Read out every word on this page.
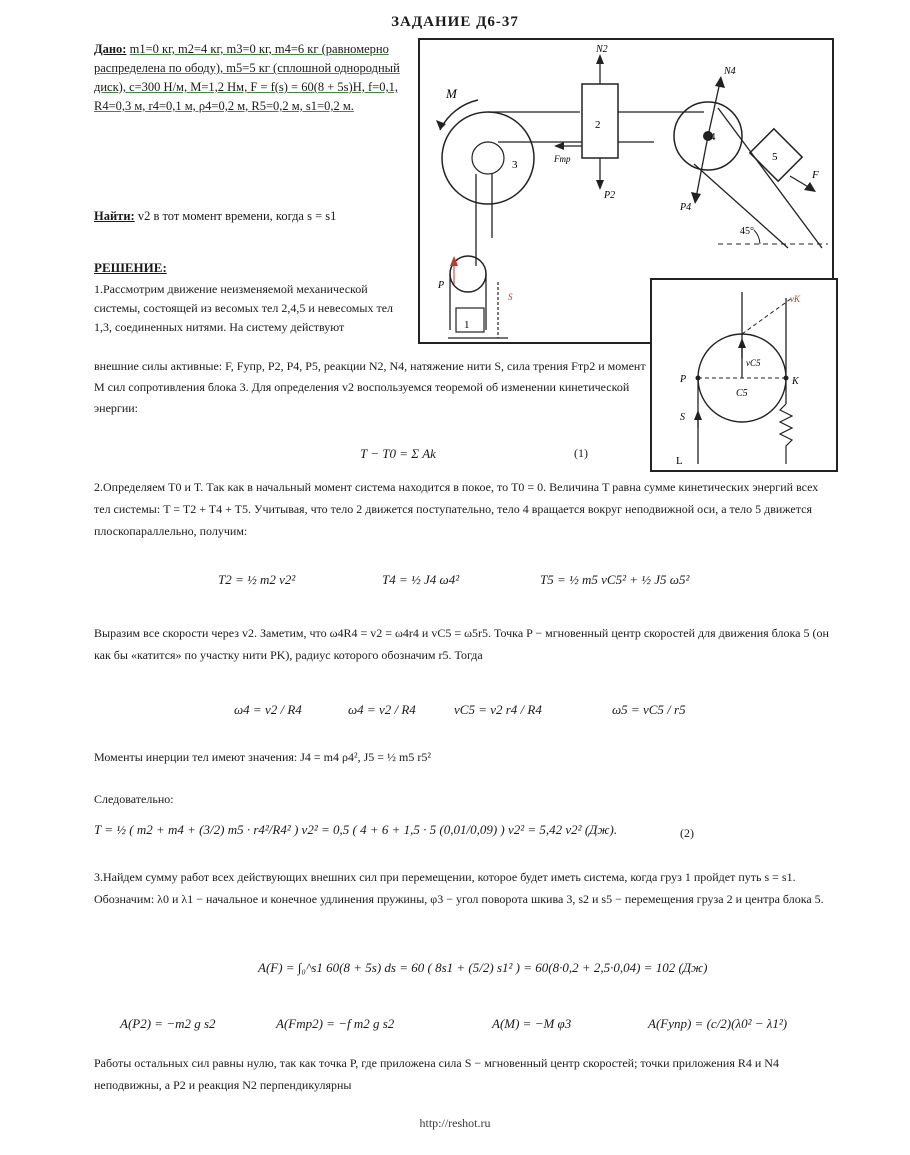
ЗАДАНИЕ Д6-37
M
N2
2
Fтр
P2
N4
4
P4
5
F
45°
3
1
P
S	vK
vC5
C5
P	K
S
L
Дано: m1=0 кг, m2=4 кг, m3=0 кг, m4=6 кг (равномерно распределена по ободу), m5=5 кг (сплошной однородный диск), c=300 Н/м, M=1,2 Нм, F = f(s) = 60(8 + 5s)Н, f=0,1, R4=0,3 м, r4=0,1 м, ρ4=0,2 м, R5=0,2 м, s1=0,2 м.
Найти: v2 в тот момент времени, когда s = s1
РЕШЕНИЕ:
1.Рассмотрим движение неизменяемой механической системы, состоящей из весомых тел 2,4,5 и невесомых тел 1,3, соединенных нитями. На систему действуют
внешние силы активные: F, Fупр, P2, P4, P5, реакции N2, N4, натяжение нити S, сила трения Fтр2 и момент M сил сопротивления блока 3. Для определения v2 воспользуемся теоремой об изменении кинетической энергии:
T − T0 = Σ Ak	(1)
2.Определяем T0 и T. Так как в начальный момент система находится в покое, то T0 = 0. Величина T равна сумме кинетических энергий всех тел системы: T = T2 + T4 + T5. Учитывая, что тело 2 движется поступательно, тело 4 вращается вокруг неподвижной оси, а тело 5 движется плоскопараллельно, получим:
T2 = ½ m2 v2²	T4 = ½ J4 ω4²	T5 = ½ m5 vC5² + ½ J5 ω5²
Выразим все скорости через v2. Заметим, что ω4R4 = v2 = ω4r4 и vC5 = ω5r5. Точка P − мгновенный центр скоростей для движения блока 5 (он как бы «катится» по участку нити PK), радиус которого обозначим r5. Тогда
ω4 = v2 / R4	ω4 = v2 / R4	vC5 = v2 r4 / R4	ω5 = vC5 / r5
Моменты инерции тел имеют значения: J4 = m4 ρ4², J5 = ½ m5 r5²
Следовательно:
T = ½ ( m2 + m4 + (3/2) m5 · r4²/R4² ) v2² = 0,5 ( 4 + 6 + 1,5 · 5 (0,01/0,09) ) v2² = 5,42 v2² (Дж).	(2)
3.Найдем сумму работ всех действующих внешних сил при перемещении, которое будет иметь система, когда груз 1 пройдет путь s = s1. Обозначим: λ0 и λ1 − начальное и конечное удлинения пружины, φ3 − угол поворота шкива 3, s2 и s5 − перемещения груза 2 и центра блока 5.
A(F) = ∫₀^s1 60(8 + 5s) ds = 60 ( 8s1 + (5/2) s1² ) = 60(8·0,2 + 2,5·0,04) = 102 (Дж)
A(P2) = −m2 g s2	A(Fтр2) = −f m2 g s2	A(M) = −M φ3	A(Fупр) = (c/2)(λ0² − λ1²)
Работы остальных сил равны нулю, так как точка P, где приложена сила S − мгновенный центр скоростей; точки приложения R4 и N4 неподвижны, а P2 и реакция N2 перпендикулярны
http://reshot.ru
